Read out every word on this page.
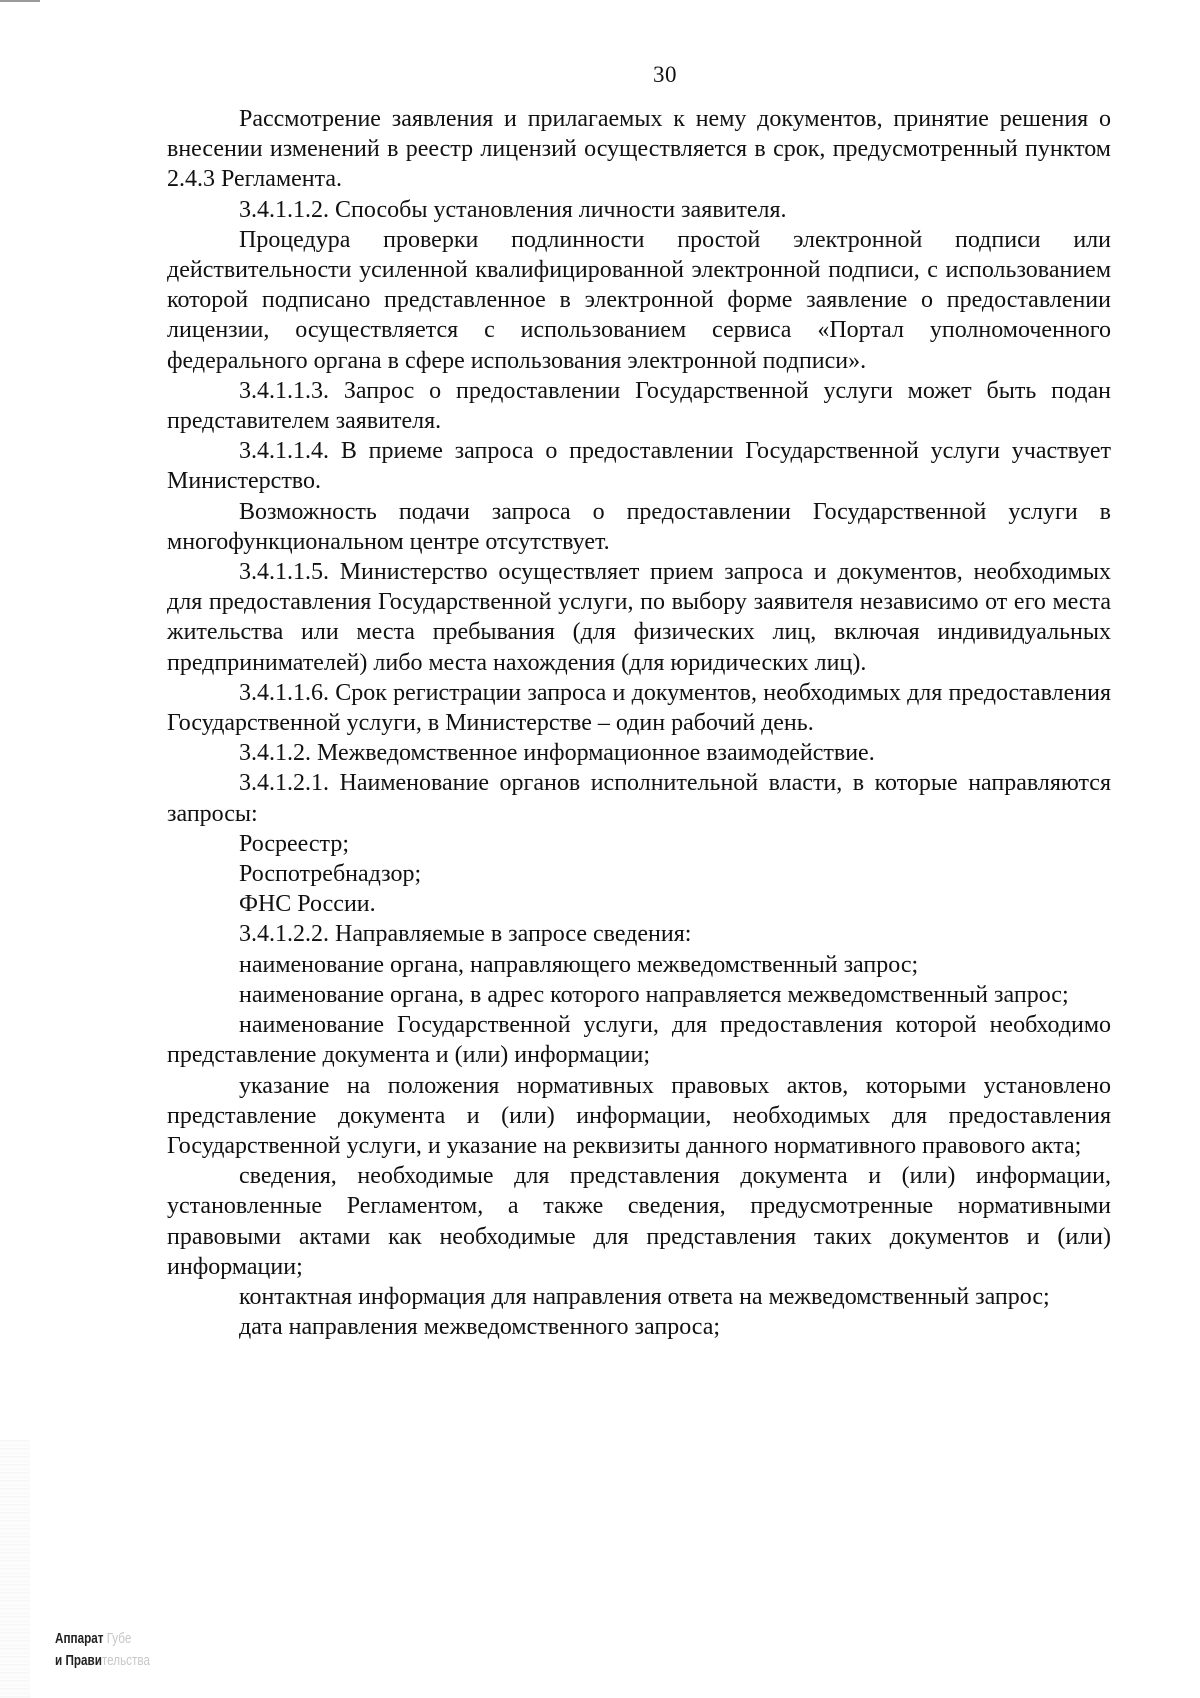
30

Рассмотрение заявления и прилагаемых к нему документов, принятие решения о внесении изменений в реестр лицензий осуществляется в срок, предусмотренный пунктом 2.4.3 Регламента.

3.4.1.1.2. Способы установления личности заявителя.

Процедура проверки подлинности простой электронной подписи или действительности усиленной квалифицированной электронной подписи, с использованием которой подписано представленное в электронной форме заявление о предоставлении лицензии, осуществляется с использованием сервиса «Портал уполномоченного федерального органа в сфере использования электронной подписи».

3.4.1.1.3. Запрос о предоставлении Государственной услуги может быть подан представителем заявителя.

3.4.1.1.4. В приеме запроса о предоставлении Государственной услуги участвует Министерство.

Возможность подачи запроса о предоставлении Государственной услуги в многофункциональном центре отсутствует.

3.4.1.1.5. Министерство осуществляет прием запроса и документов, необходимых для предоставления Государственной услуги, по выбору заявителя независимо от его места жительства или места пребывания (для физических лиц, включая индивидуальных предпринимателей) либо места нахождения (для юридических лиц).

3.4.1.1.6. Срок регистрации запроса и документов, необходимых для предоставления Государственной услуги, в Министерстве – один рабочий день.

3.4.1.2. Межведомственное информационное взаимодействие.

3.4.1.2.1. Наименование органов исполнительной власти, в которые направляются запросы:

Росреестр;

Роспотребнадзор;

ФНС России.

3.4.1.2.2. Направляемые в запросе сведения:

наименование органа, направляющего межведомственный запрос;

наименование органа, в адрес которого направляется межведомственный запрос;

наименование Государственной услуги, для предоставления которой необходимо представление документа и (или) информации;

указание на положения нормативных правовых актов, которыми установлено представление документа и (или) информации, необходимых для предоставления Государственной услуги, и указание на реквизиты данного нормативного правового акта;

сведения, необходимые для представления документа и (или) информации, установленные Регламентом, а также сведения, предусмотренные нормативными правовыми актами как необходимые для представления таких документов и (или) информации;

контактная информация для направления ответа на межведомственный запрос;

дата направления межведомственного запроса;

Аппарат Губе
и Правительства
